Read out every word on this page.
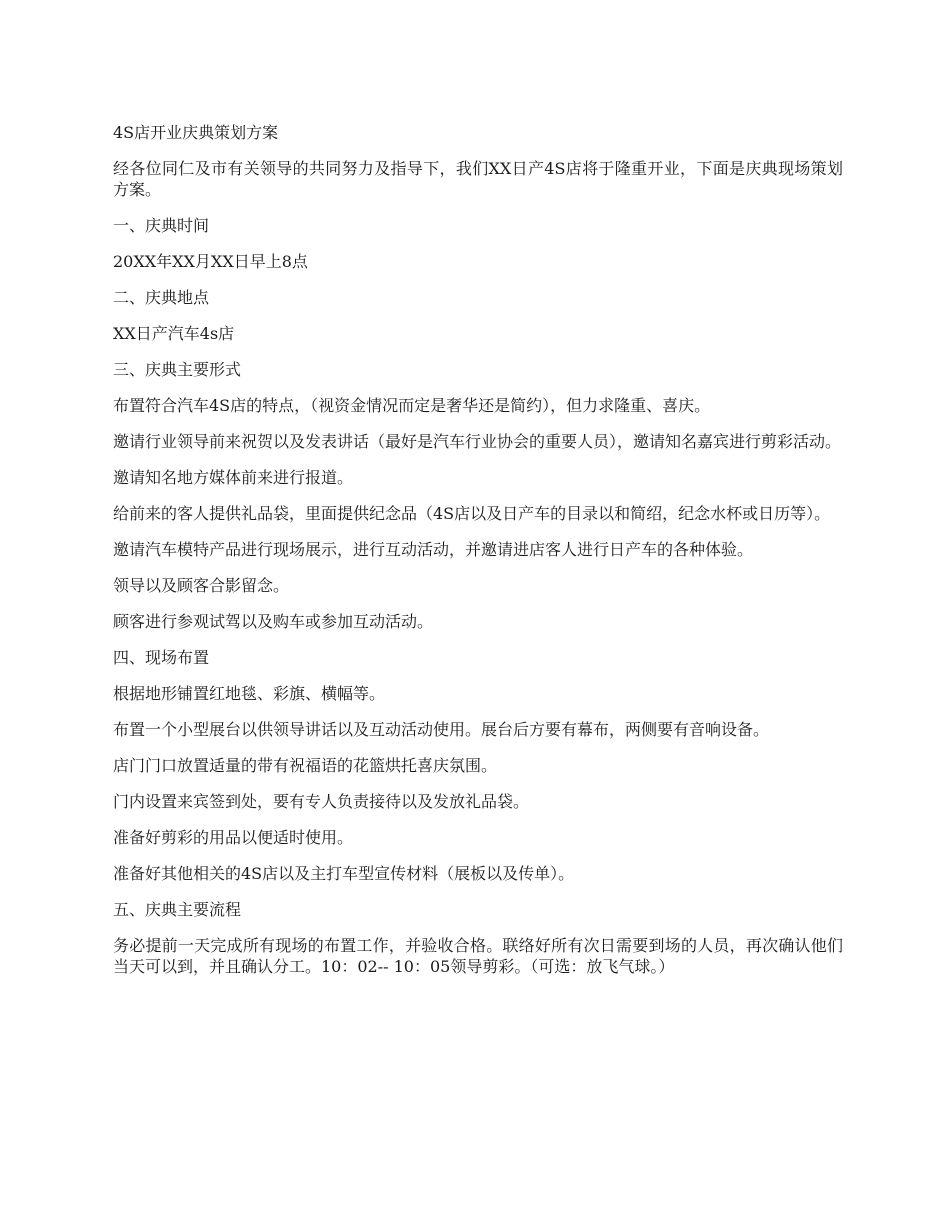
4S店开业庆典策划方案

经各位同仁及市有关领导的共同努力及指导下，我们XX日产4S店将于隆重开业，下面是庆典现场策划方案。

一、庆典时间

20XX年XX月XX日早上8点

二、庆典地点

XX日产汽车4s店

三、庆典主要形式

布置符合汽车4S店的特点，（视资金情况而定是奢华还是简约），但力求隆重、喜庆。

邀请行业领导前来祝贺以及发表讲话（最好是汽车行业协会的重要人员），邀请知名嘉宾进行剪彩活动。

邀请知名地方媒体前来进行报道。

给前来的客人提供礼品袋，里面提供纪念品（4S店以及日产车的目录以和简绍，纪念水杯或日历等）。

邀请汽车模特产品进行现场展示，进行互动活动，并邀请进店客人进行日产车的各种体验。

领导以及顾客合影留念。

顾客进行参观试驾以及购车或参加互动活动。

四、现场布置

根据地形铺置红地毯、彩旗、横幅等。

布置一个小型展台以供领导讲话以及互动活动使用。展台后方要有幕布，两侧要有音响设备。

店门门口放置适量的带有祝福语的花篮烘托喜庆氛围。

门内设置来宾签到处，要有专人负责接待以及发放礼品袋。

准备好剪彩的用品以便适时使用。

准备好其他相关的4S店以及主打车型宣传材料（展板以及传单）。

五、庆典主要流程

务必提前一天完成所有现场的布置工作，并验收合格。联络好所有次日需要到场的人员，再次确认他们当天可以到，并且确认分工。10：02-- 10：05领导剪彩。（可选：放飞气球。）
